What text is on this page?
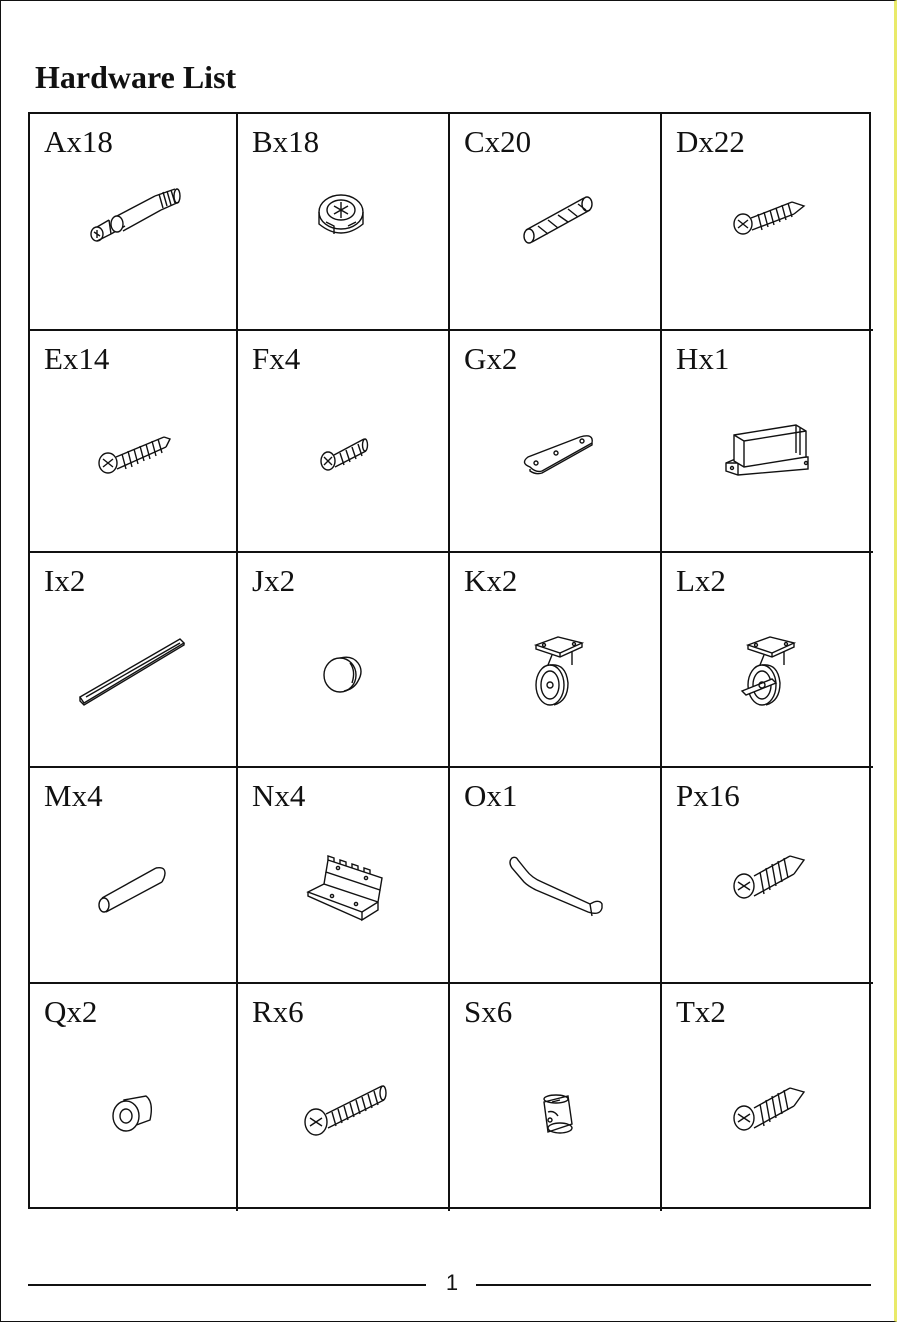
Hardware List
Ax18	Bx18	Cx20	Dx22
Ex14	Fx4	Gx2	Hx1
Ix2	Jx2	Kx2	Lx2
Mx4	Nx4	Ox1	Px16
Qx2	Rx6	Sx6	Tx2
1
